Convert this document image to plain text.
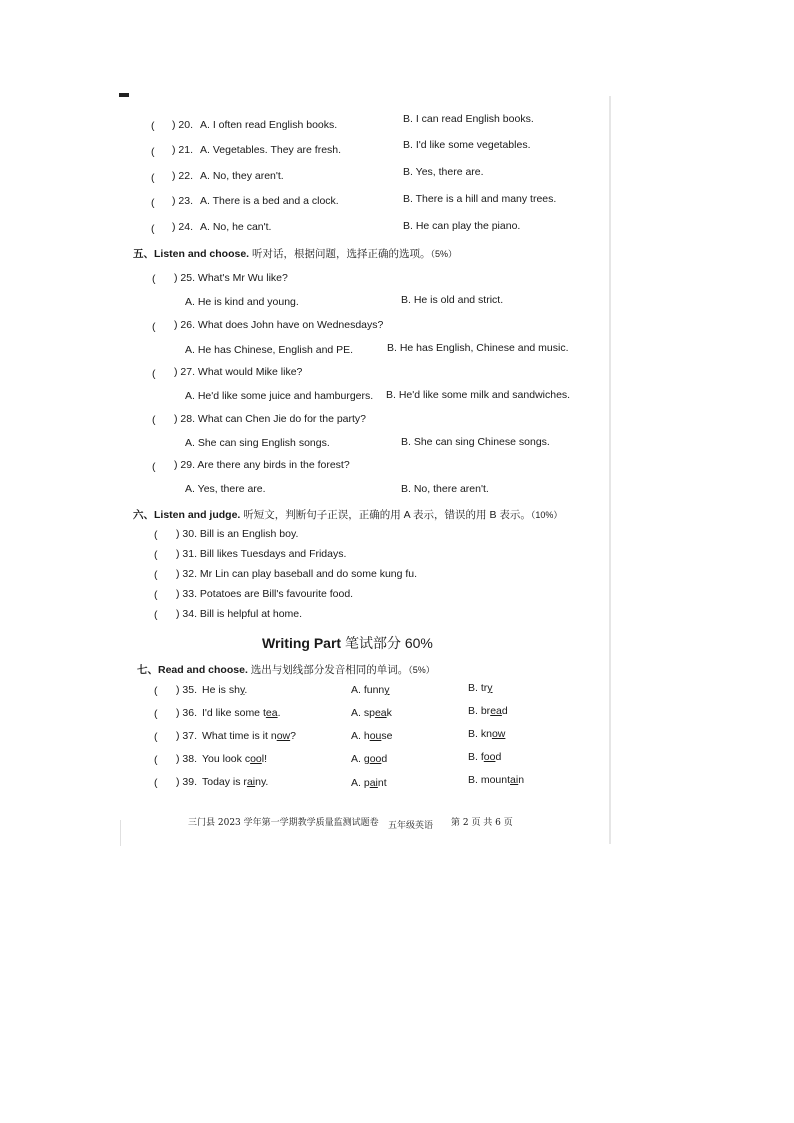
( ) 20. A. I often read English books.	B. I can read English books.
( ) 21. A. Vegetables. They are fresh.	B. I'd like some vegetables.
( ) 22. A. No, they aren't.	B. Yes, there are.
( ) 23. A. There is a bed and a clock.	B. There is a hill and many trees.
( ) 24. A. No, he can't.	B. He can play the piano.
五、Listen and choose. 听对话，根据问题，选择正确的选项。（5%）
( ) 25. What's Mr Wu like?
A. He is kind and young.	B. He is old and strict.
( ) 26. What does John have on Wednesdays?
A. He has Chinese, English and PE.	B. He has English, Chinese and music.
( ) 27. What would Mike like?
A. He'd like some juice and hamburgers. B. He'd like some milk and sandwiches.
( ) 28. What can Chen Jie do for the party?
A. She can sing English songs.	B. She can sing Chinese songs.
( ) 29. Are there any birds in the forest?
A. Yes, there are.	B. No, there aren't.
六、Listen and judge. 听短文，判断句子正误，正确的用 A 表示，错误的用 B 表示。（10%）
( ) 30. Bill is an English boy.
( ) 31. Bill likes Tuesdays and Fridays.
( ) 32. Mr Lin can play baseball and do some kung fu.
( ) 33. Potatoes are Bill's favourite food.
( ) 34. Bill is helpful at home.
Writing Part 笔试部分 60%
七、Read and choose. 选出与划线部分发音相同的单词。（5%）
( ) 35. He is shy.	A. funny	B. try
( ) 36. I'd like some tea.	A. speak	B. bread
( ) 37. What time is it now?	A. house	B. know
( ) 38. You look cool!	A. good	B. food
( ) 39. Today is rainy.	A. paint	B. mountain
三门县 2023 学年第一学期教学质量监测试题卷 五年级英语 第 2 页 共 6 页
